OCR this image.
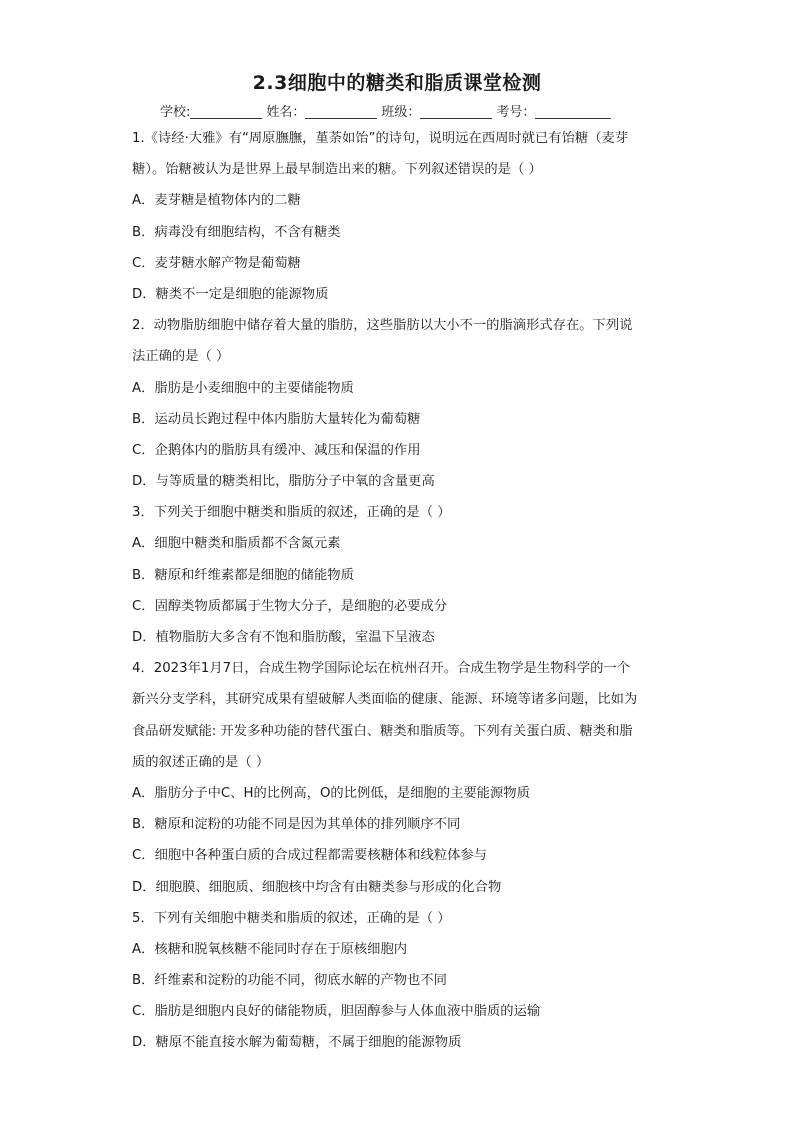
2.3细胞中的糖类和脂质课堂检测
学校:	姓名：	班级：	考号：
1.《诗经·大雅》有“周原膴膴，堇荼如饴”的诗句，说明远在西周时就已有饴糖（麦芽
糖）。饴糖被认为是世界上最早制造出来的糖。下列叙述错误的是（ ）
A．麦芽糖是植物体内的二糖
B．病毒没有细胞结构，不含有糖类
C．麦芽糖水解产物是葡萄糖
D．糖类不一定是细胞的能源物质
2．动物脂肪细胞中储存着大量的脂肪，这些脂肪以大小不一的脂滴形式存在。下列说
法正确的是（ ）
A．脂肪是小麦细胞中的主要储能物质
B．运动员长跑过程中体内脂肪大量转化为葡萄糖
C．企鹅体内的脂肪具有缓冲、减压和保温的作用
D．与等质量的糖类相比，脂肪分子中氧的含量更高
3．下列关于细胞中糖类和脂质的叙述，正确的是（ ）
A．细胞中糖类和脂质都不含氮元素
B．糖原和纤维素都是细胞的储能物质
C．固醇类物质都属于生物大分子，是细胞的必要成分
D．植物脂肪大多含有不饱和脂肪酸，室温下呈液态
4．2023年1月7日，合成生物学国际论坛在杭州召开。合成生物学是生物科学的一个
新兴分支学科，其研究成果有望破解人类面临的健康、能源、环境等诸多问题，比如为
食品研发赋能: 开发多种功能的替代蛋白、糖类和脂质等。下列有关蛋白质、糖类和脂
质的叙述正确的是（ ）
A．脂肪分子中C、H的比例高，O的比例低，是细胞的主要能源物质
B．糖原和淀粉的功能不同是因为其单体的排列顺序不同
C．细胞中各种蛋白质的合成过程都需要核糖体和线粒体参与
D．细胞膜、细胞质、细胞核中均含有由糖类参与形成的化合物
5．下列有关细胞中糖类和脂质的叙述，正确的是（ ）
A．核糖和脱氧核糖不能同时存在于原核细胞内
B．纤维素和淀粉的功能不同，彻底水解的产物也不同
C．脂肪是细胞内良好的储能物质，胆固醇参与人体血液中脂质的运输
D．糖原不能直接水解为葡萄糖，不属于细胞的能源物质
